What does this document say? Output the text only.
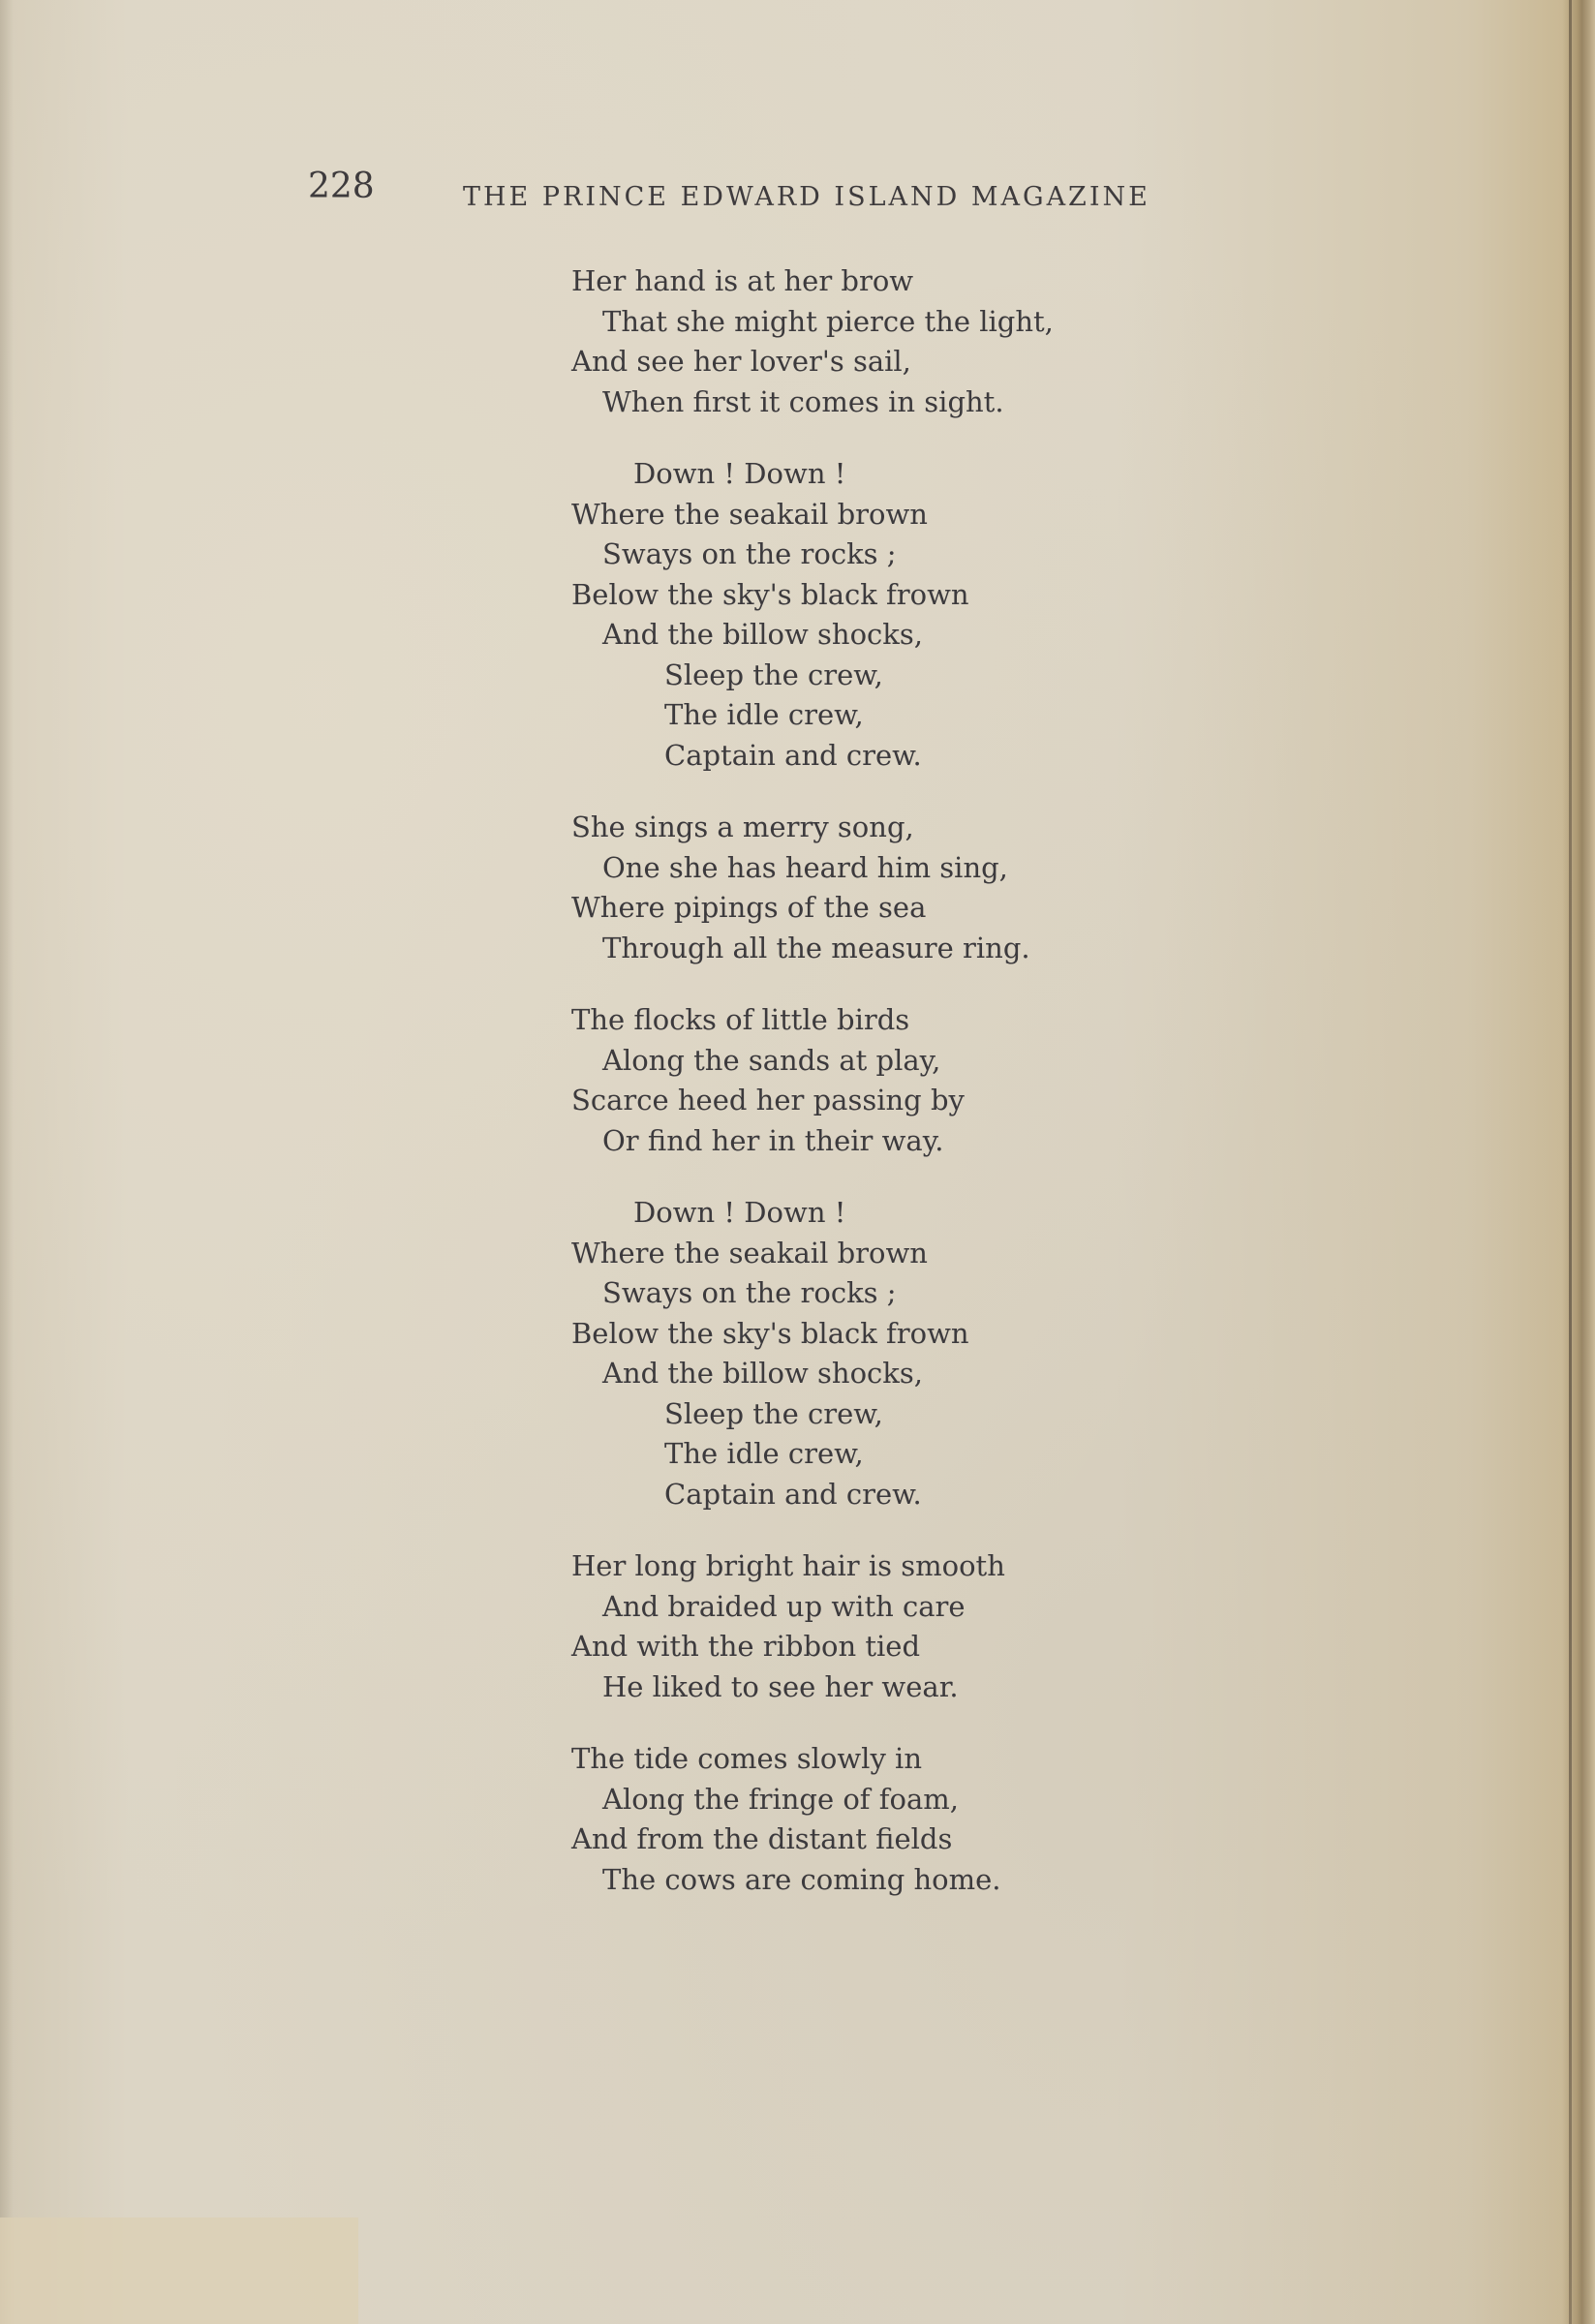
228	THE PRINCE EDWARD ISLAND MAGAZINE
Her hand is at her brow
That she might pierce the light,
And see her lover's sail,
When first it comes in sight.
Down ! Down !
Where the seakail brown
Sways on the rocks ;
Below the sky's black frown
And the billow shocks,
Sleep the crew,
The idle crew,
Captain and crew.
She sings a merry song,
One she has heard him sing,
Where pipings of the sea
Through all the measure ring.
The flocks of little birds
Along the sands at play,
Scarce heed her passing by
Or find her in their way.
Down ! Down !
Where the seakail brown
Sways on the rocks ;
Below the sky's black frown
And the billow shocks,
Sleep the crew,
The idle crew,
Captain and crew.
Her long bright hair is smooth
And braided up with care
And with the ribbon tied
He liked to see her wear.
The tide comes slowly in
Along the fringe of foam,
And from the distant fields
The cows are coming home.
